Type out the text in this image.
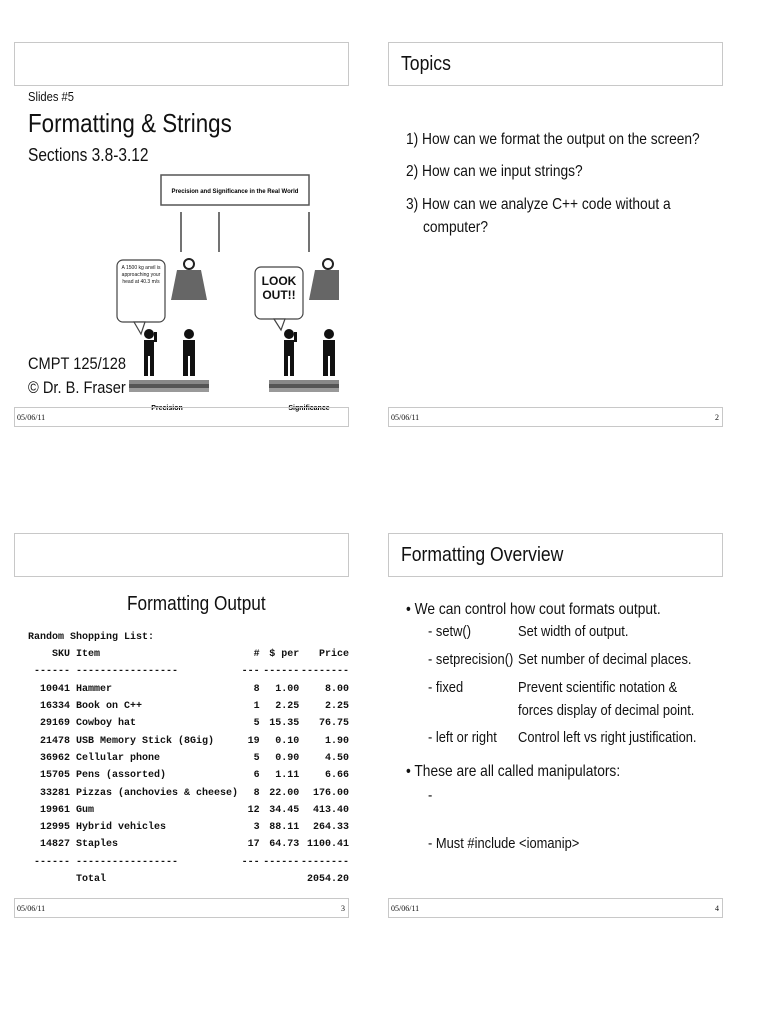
Slides #5
Formatting & Strings
Sections 3.8-3.12
Precision and Significance in the Real World
A 1500 kg anvil is approaching your head at 40.3 m/s	LOOK OUT!!
Precision	Significance
CMPT 125/128
© Dr. B. Fraser
05/06/11
Topics
1) How can we format the output on the screen?
2) How can we input strings?
3) How can we analyze C++ code without a
computer?
05/06/11	2
Formatting Output
Random Shopping List:
SKU	Item	#	$ per	Price
------	-----------------	---	------	--------
10041	Hammer	8	1.00	8.00
16334	Book on C++	1	2.25	2.25
29169	Cowboy hat	5	15.35	76.75
21478	USB Memory Stick (8Gig)	19	0.10	1.90
36962	Cellular phone	5	0.90	4.50
15705	Pens (assorted)	6	1.11	6.66
33281	Pizzas (anchovies & cheese)	8	22.00	176.00
19961	Gum	12	34.45	413.40
12995	Hybrid vehicles	3	88.11	264.33
14827	Staples	17	64.73	1100.41
------	-----------------	---	------	--------
	Total			2054.20
05/06/11	3
Formatting Overview
• We can control how cout formats output.
- setw()	Set width of output.
- setprecision() Set number of decimal places.
- fixed	Prevent scientific notation &
forces display of decimal point.
- left or right Control left vs right justification.
• These are all called manipulators:
-
- Must #include <iomanip>
05/06/11	4
